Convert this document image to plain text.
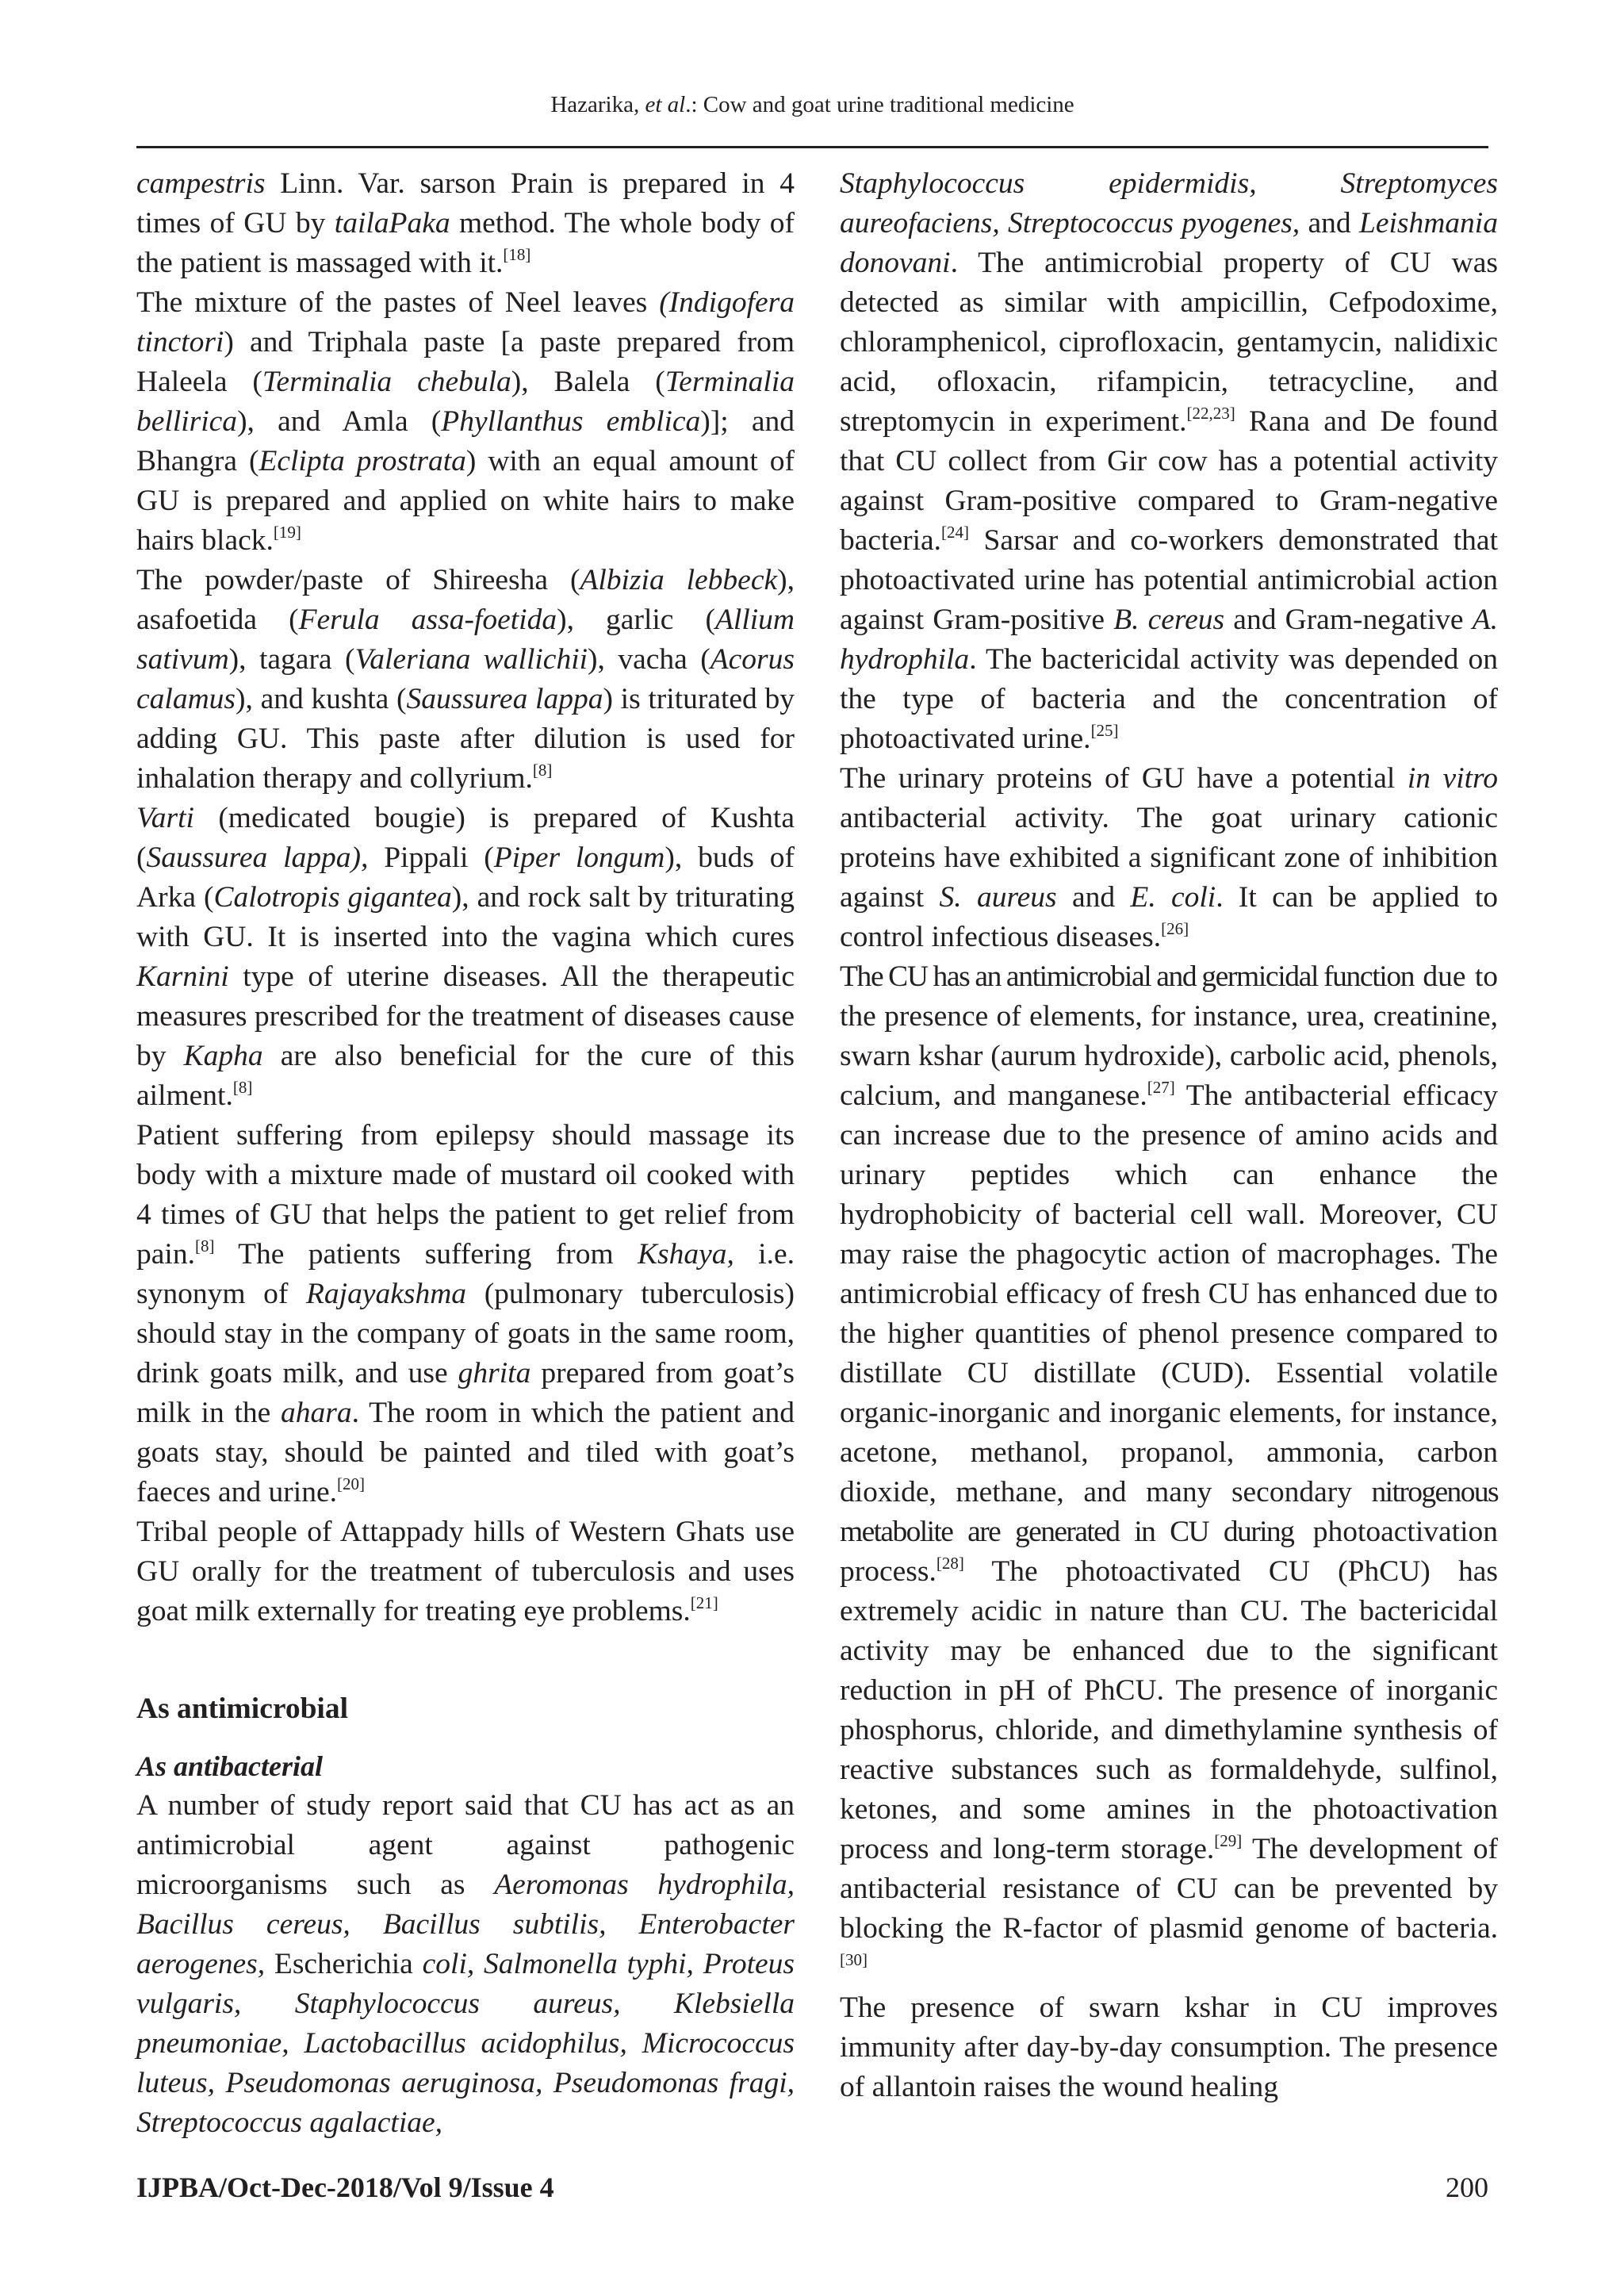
Hazarika, et al.: Cow and goat urine traditional medicine

campestris Linn. Var. sarson Prain is prepared in 4 times of GU by tailaPaka method. The whole body of the patient is massaged with it.[18]

The mixture of the pastes of Neel leaves (Indigofera tinctori) and Triphala paste [a paste prepared from Haleela (Terminalia chebula), Balela (Terminalia bellirica), and Amla (Phyllanthus emblica)]; and Bhangra (Eclipta prostrata) with an equal amount of GU is prepared and applied on white hairs to make hairs black.[19]

The powder/paste of Shireesha (Albizia lebbeck), asafoetida (Ferula assa-foetida), garlic (Allium sativum), tagara (Valeriana wallichii), vacha (Acorus calamus), and kushta (Saussurea lappa) is triturated by adding GU. This paste after dilution is used for inhalation therapy and collyrium.[8]

Varti (medicated bougie) is prepared of Kushta (Saussurea lappa), Pippali (Piper longum), buds of Arka (Calotropis gigantea), and rock salt by triturating with GU. It is inserted into the vagina which cures Karnini type of uterine diseases. All the therapeutic measures prescribed for the treatment of diseases cause by Kapha are also beneficial for the cure of this ailment.[8]

Patient suffering from epilepsy should massage its body with a mixture made of mustard oil cooked with 4 times of GU that helps the patient to get relief from pain.[8] The patients suffering from Kshaya, i.e. synonym of Rajayakshma (pulmonary tuberculosis) should stay in the company of goats in the same room, drink goats milk, and use ghrita prepared from goat’s milk in the ahara. The room in which the patient and goats stay, should be painted and tiled with goat’s faeces and urine.[20]

Tribal people of Attappady hills of Western Ghats use GU orally for the treatment of tuberculosis and uses goat milk externally for treating eye problems.[21]

As antimicrobial
As antibacterial

A number of study report said that CU has act as an antimicrobial agent against pathogenic microorganisms such as Aeromonas hydrophila, Bacillus cereus, Bacillus subtilis, Enterobacter aerogenes, Escherichia coli, Salmonella typhi, Proteus vulgaris, Staphylococcus aureus, Klebsiella pneumoniae, Lactobacillus acidophilus, Micrococcus luteus, Pseudomonas aeruginosa, Pseudomonas fragi, Streptococcus agalactiae,

Staphylococcus epidermidis, Streptomyces aureofaciens, Streptococcus pyogenes, and Leishmania donovani. The antimicrobial property of CU was detected as similar with ampicillin, Cefpodoxime, chloramphenicol, ciprofloxacin, gentamycin, nalidixic acid, ofloxacin, rifampicin, tetracycline, and streptomycin in experiment.[22,23] Rana and De found that CU collect from Gir cow has a potential activity against Gram-positive compared to Gram-negative bacteria.[24] Sarsar and co-workers demonstrated that photoactivated urine has potential antimicrobial action against Gram-positive B. cereus and Gram-negative A. hydrophila. The bactericidal activity was depended on the type of bacteria and the concentration of photoactivated urine.[25]

The urinary proteins of GU have a potential in vitro antibacterial activity. The goat urinary cationic proteins have exhibited a significant zone of inhibition against S. aureus and E. coli. It can be applied to control infectious diseases.[26]

The CU has an antimicrobial and germicidal function due to the presence of elements, for instance, urea, creatinine, swarn kshar (aurum hydroxide), carbolic acid, phenols, calcium, and manganese.[27] The antibacterial efficacy can increase due to the presence of amino acids and urinary peptides which can enhance the hydrophobicity of bacterial cell wall. Moreover, CU may raise the phagocytic action of macrophages. The antimicrobial efficacy of fresh CU has enhanced due to the higher quantities of phenol presence compared to distillate CU distillate (CUD). Essential volatile organic-inorganic and inorganic elements, for instance, acetone, methanol, propanol, ammonia, carbon dioxide, methane, and many secondary nitrogenous metabolite are generated in CU during photoactivation process.[28] The photoactivated CU (PhCU) has extremely acidic in nature than CU. The bactericidal activity may be enhanced due to the significant reduction in pH of PhCU. The presence of inorganic phosphorus, chloride, and dimethylamine synthesis of reactive substances such as formaldehyde, sulfinol, ketones, and some amines in the photoactivation process and long-term storage.[29] The development of antibacterial resistance of CU can be prevented by blocking the R-factor of plasmid genome of bacteria.[30]

The presence of swarn kshar in CU improves immunity after day-by-day consumption. The presence of allantoin raises the wound healing

IJPBA/Oct-Dec-2018/Vol 9/Issue 4	200
